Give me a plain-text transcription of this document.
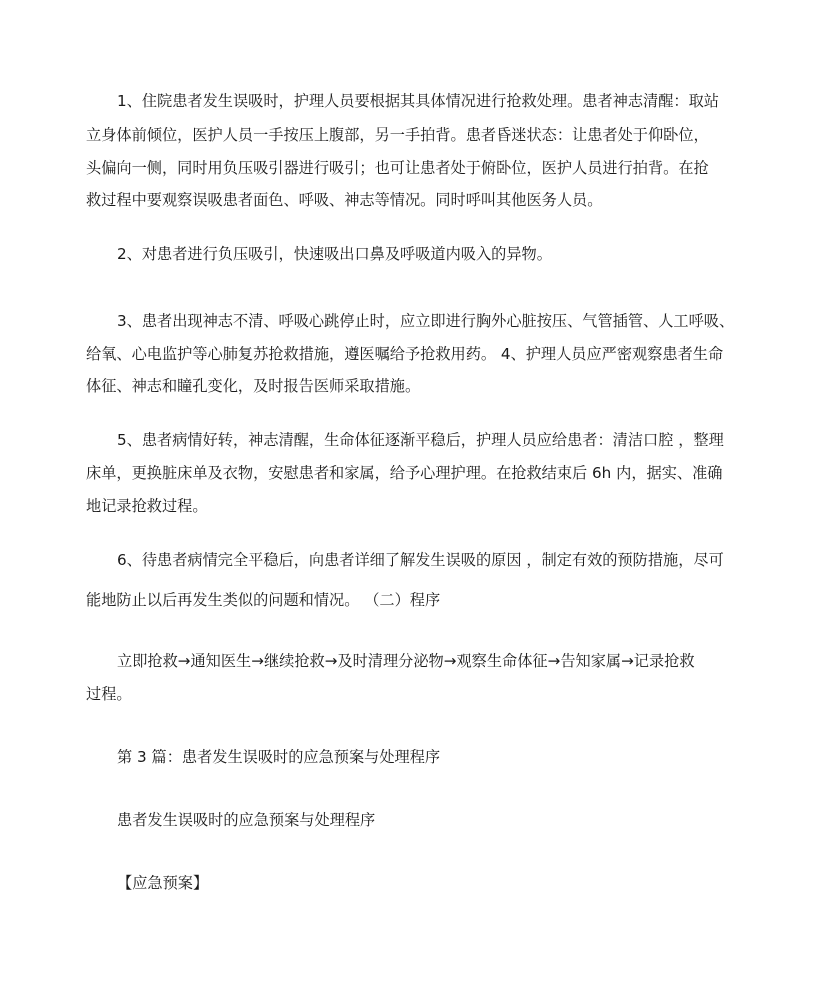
1、住院患者发生误吸时，护理人员要根据其具体情况进行抢救处理。患者神志清醒：取站
立身体前倾位，医护人员一手按压上腹部，另一手拍背。患者昏迷状态：让患者处于仰卧位，
头偏向一侧，同时用负压吸引器进行吸引；也可让患者处于俯卧位，医护人员进行拍背。在抢
救过程中要观察误吸患者面色、呼吸、神志等情况。同时呼叫其他医务人员。
2、对患者进行负压吸引，快速吸出口鼻及呼吸道内吸入的异物。
3、患者出现神志不清、呼吸心跳停止时，应立即进行胸外心脏按压、气管插管、人工呼吸、
给氧、心电监护等心肺复苏抢救措施，遵医嘱给予抢救用药。 4、护理人员应严密观察患者生命
体征、神志和瞳孔变化，及时报告医师采取措施。
5、患者病情好转，神志清醒，生命体征逐渐平稳后，护理人员应给患者：清洁口腔 ，整理
床单，更换脏床单及衣物，安慰患者和家属，给予心理护理。在抢救结束后 6h 内，据实、准确
地记录抢救过程。
6、待患者病情完全平稳后，向患者详细了解发生误吸的原因 ，制定有效的预防措施，尽可
能地防止以后再发生类似的问题和情况。 （二）程序
立即抢救→通知医生→继续抢救→及时清理分泌物→观察生命体征→告知家属→记录抢救
过程。
第 3 篇：患者发生误吸时的应急预案与处理程序
患者发生误吸时的应急预案与处理程序
【应急预案】
